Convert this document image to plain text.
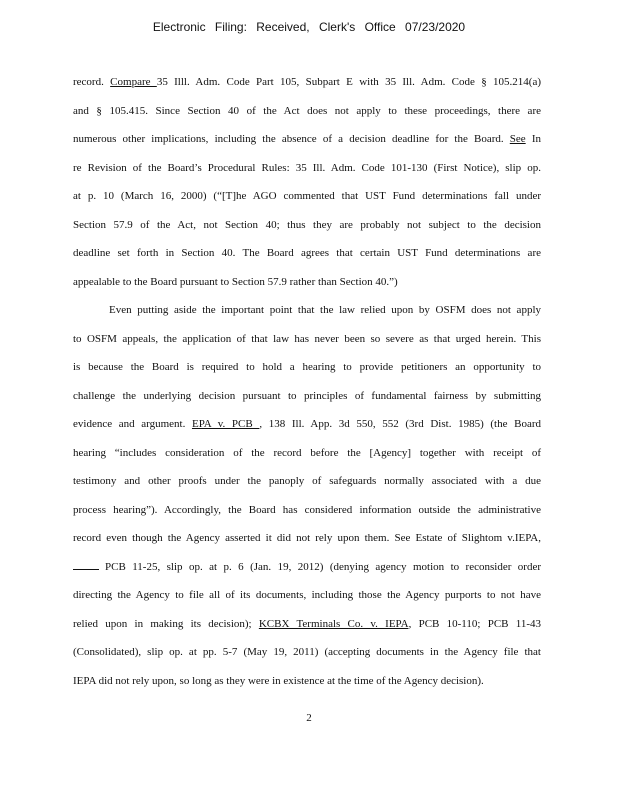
Electronic Filing: Received, Clerk's Office 07/23/2020
record. Compare 35 Illl. Adm. Code Part 105, Subpart E with 35 Ill. Adm. Code § 105.214(a)
and § 105.415. Since Section 40 of the Act does not apply to these proceedings, there are
numerous other implications, including the absence of a decision deadline for the Board. See In
re Revision of the Board’s Procedural Rules: 35 Ill. Adm. Code 101-130 (First Notice), slip op.
at p. 10 (March 16, 2000) (“[T]he AGO commented that UST Fund determinations fall under
Section 57.9 of the Act, not Section 40; thus they are probably not subject to the decision
deadline set forth in Section 40. The Board agrees that certain UST Fund determinations are
appealable to the Board pursuant to Section 57.9 rather than Section 40.”)
Even putting aside the important point that the law relied upon by OSFM does not apply
to OSFM appeals, the application of that law has never been so severe as that urged herein. This
is because the Board is required to hold a hearing to provide petitioners an opportunity to
challenge the underlying decision pursuant to principles of fundamental fairness by submitting
evidence and argument. EPA v. PCB , 138 Ill. App. 3d 550, 552 (3rd Dist. 1985) (the Board
hearing “includes consideration of the record before the [Agency] together with receipt of
testimony and other proofs under the panoply of safeguards normally associated with a due
process hearing”). Accordingly, the Board has considered information outside the administrative
record even though the Agency asserted it did not rely upon them. See Estate of Slightom v.IEPA,
PCB 11-25, slip op. at p. 6 (Jan. 19, 2012) (denying agency motion to reconsider order
directing the Agency to file all of its documents, including those the Agency purports to not have
relied upon in making its decision); KCBX Terminals Co. v. IEPA, PCB 10-110; PCB 11-43
(Consolidated), slip op. at pp. 5-7 (May 19, 2011) (accepting documents in the Agency file that
IEPA did not rely upon, so long as they were in existence at the time of the Agency decision).
2
